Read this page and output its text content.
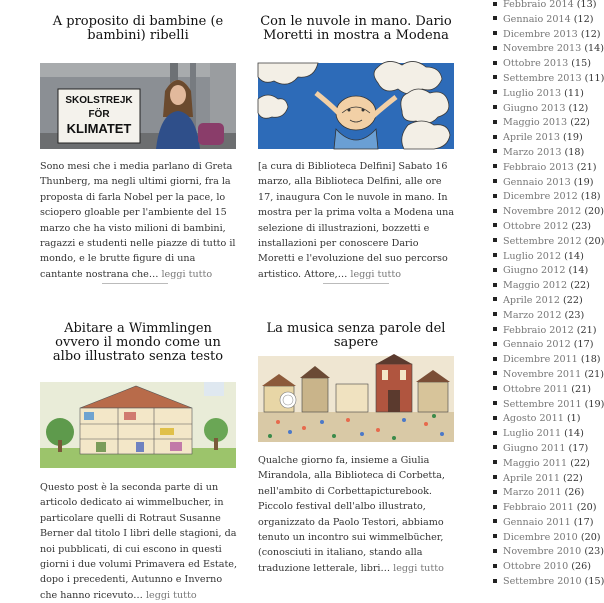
A proposito di bambine (e bambini) ribelli
SKOLSTREJK
FÖR
KLIMATET

Sono mesi che i media parlano di Greta Thunberg, ma negli ultimi giorni, fra la proposta di farla Nobel per la pace, lo sciopero gloable per l'ambiente del 15 marzo che ha visto milioni di bambini, ragazzi e studenti nelle piazze di tutto il mondo, e le brutte figure di una cantante nostrana che… leggi tutto

Con le nuvole in mano. Dario Moretti in mostra a Modena

[a cura di Biblioteca Delfini] Sabato 16 marzo, alla Biblioteca Delfini, alle ore 17, inaugura Con le nuvole in mano. In mostra per la prima volta a Modena una selezione di illustrazioni, bozzetti e installazioni per conoscere Dario Moretti e l'evoluzione del suo percorso artistico. Attore,… leggi tutto

Abitare a Wimmlingen ovvero il mondo come un albo illustrato senza testo

Questo post è la seconda parte di un articolo dedicato ai wimmelbucher, in particolare quelli di Rotraut Susanne Berner dal titolo I libri delle stagioni, da noi pubblicati, di cui escono in questi giorni i due volumi Primavera ed Estate, dopo i precedenti, Autunno e Inverno che hanno ricevuto… leggi tutto

La musica senza parole del sapere

Qualche giorno fa, insieme a Giulia Mirandola, alla Biblioteca di Corbetta, nell'ambito di Corbettapicturebook. Piccolo festival dell'albo illustrato, organizzato da Paolo Testori, abbiamo tenuto un incontro sui wimmelbücher, (conosciuti in italiano, stando alla traduzione letterale, libri… leggi tutto

Febbraio 2014 (13)
Gennaio 2014 (12)
Dicembre 2013 (12)
Novembre 2013 (14)
Ottobre 2013 (15)
Settembre 2013 (11)
Luglio 2013 (11)
Giugno 2013 (12)
Maggio 2013 (22)
Aprile 2013 (19)
Marzo 2013 (18)
Febbraio 2013 (21)
Gennaio 2013 (19)
Dicembre 2012 (18)
Novembre 2012 (20)
Ottobre 2012 (23)
Settembre 2012 (20)
Luglio 2012 (14)
Giugno 2012 (14)
Maggio 2012 (22)
Aprile 2012 (22)
Marzo 2012 (23)
Febbraio 2012 (21)
Gennaio 2012 (17)
Dicembre 2011 (18)
Novembre 2011 (21)
Ottobre 2011 (21)
Settembre 2011 (19)
Agosto 2011 (1)
Luglio 2011 (14)
Giugno 2011 (17)
Maggio 2011 (22)
Aprile 2011 (22)
Marzo 2011 (26)
Febbraio 2011 (20)
Gennaio 2011 (17)
Dicembre 2010 (20)
Novembre 2010 (23)
Ottobre 2010 (26)
Settembre 2010 (15)
